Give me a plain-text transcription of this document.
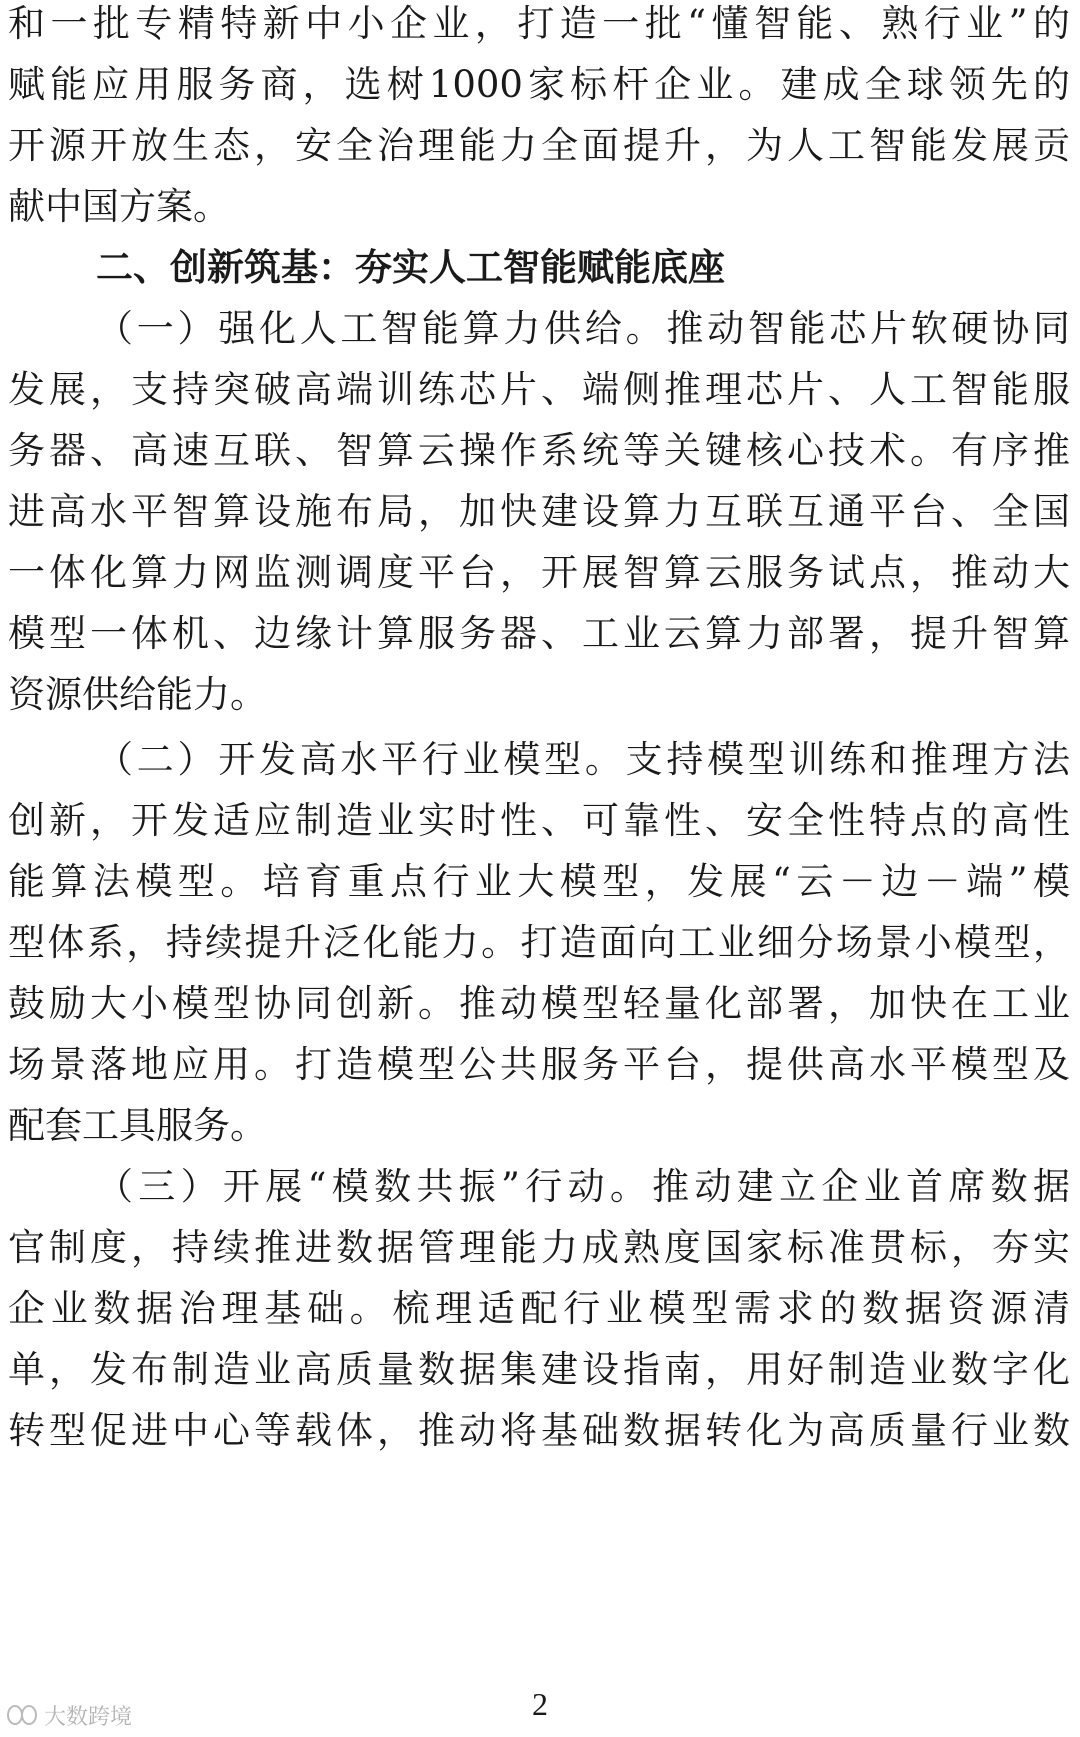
和一批专精特新中小企业，打造一批“懂智能、熟行业”的
赋能应用服务商，选树1000家标杆企业。建成全球领先的
开源开放生态，安全治理能力全面提升，为人工智能发展贡
献中国方案。
二、创新筑基：夯实人工智能赋能底座
（一）强化人工智能算力供给。推动智能芯片软硬协同
发展，支持突破高端训练芯片、端侧推理芯片、人工智能服
务器、高速互联、智算云操作系统等关键核心技术。有序推
进高水平智算设施布局，加快建设算力互联互通平台、全国
一体化算力网监测调度平台，开展智算云服务试点，推动大
模型一体机、边缘计算服务器、工业云算力部署，提升智算
资源供给能力。
（二）开发高水平行业模型。支持模型训练和推理方法
创新，开发适应制造业实时性、可靠性、安全性特点的高性
能算法模型。培育重点行业大模型，发展“云－边－端”模
型体系，持续提升泛化能力。打造面向工业细分场景小模型，
鼓励大小模型协同创新。推动模型轻量化部署，加快在工业
场景落地应用。打造模型公共服务平台，提供高水平模型及
配套工具服务。
（三）开展“模数共振”行动。推动建立企业首席数据
官制度，持续推进数据管理能力成熟度国家标准贯标，夯实
企业数据治理基础。梳理适配行业模型需求的数据资源清
单，发布制造业高质量数据集建设指南，用好制造业数字化
转型促进中心等载体，推动将基础数据转化为高质量行业数
大数跨境	2
